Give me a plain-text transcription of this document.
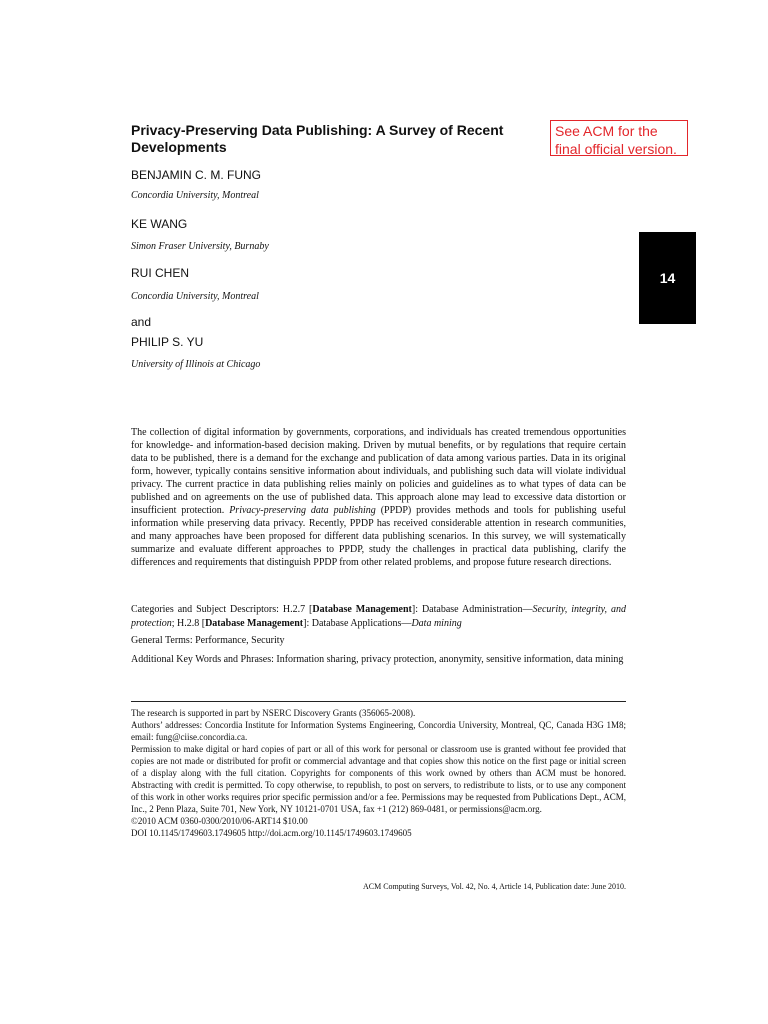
Privacy-Preserving Data Publishing: A Survey of Recent Developments
See ACM for the final official version.
14
BENJAMIN C. M. FUNG
Concordia University, Montreal
KE WANG
Simon Fraser University, Burnaby
RUI CHEN
Concordia University, Montreal
and
PHILIP S. YU
University of Illinois at Chicago
The collection of digital information by governments, corporations, and individuals has created tremendous opportunities for knowledge- and information-based decision making. Driven by mutual benefits, or by regulations that require certain data to be published, there is a demand for the exchange and publication of data among various parties. Data in its original form, however, typically contains sensitive information about individuals, and publishing such data will violate individual privacy. The current practice in data publishing relies mainly on policies and guidelines as to what types of data can be published and on agreements on the use of published data. This approach alone may lead to excessive data distortion or insufficient protection. Privacy-preserving data publishing (PPDP) provides methods and tools for publishing useful information while preserving data privacy. Recently, PPDP has received considerable attention in research communities, and many approaches have been proposed for different data publishing scenarios. In this survey, we will systematically summarize and evaluate different approaches to PPDP, study the challenges in practical data publishing, clarify the differences and requirements that distinguish PPDP from other related problems, and propose future research directions.
Categories and Subject Descriptors: H.2.7 [Database Management]: Database Administration—Security, integrity, and protection; H.2.8 [Database Management]: Database Applications—Data mining
General Terms: Performance, Security
Additional Key Words and Phrases: Information sharing, privacy protection, anonymity, sensitive information, data mining
The research is supported in part by NSERC Discovery Grants (356065-2008).
Authors’ addresses: Concordia Institute for Information Systems Engineering, Concordia University, Montreal, QC, Canada H3G 1M8; email: fung@ciise.concordia.ca.
Permission to make digital or hard copies of part or all of this work for personal or classroom use is granted without fee provided that copies are not made or distributed for profit or commercial advantage and that copies show this notice on the first page or initial screen of a display along with the full citation. Copyrights for components of this work owned by others than ACM must be honored. Abstracting with credit is permitted. To copy otherwise, to republish, to post on servers, to redistribute to lists, or to use any component of this work in other works requires prior specific permission and/or a fee. Permissions may be requested from Publications Dept., ACM, Inc., 2 Penn Plaza, Suite 701, New York, NY 10121-0701 USA, fax +1 (212) 869-0481, or permissions@acm.org.
©2010 ACM 0360-0300/2010/06-ART14 $10.00
DOI 10.1145/1749603.1749605 http://doi.acm.org/10.1145/1749603.1749605
ACM Computing Surveys, Vol. 42, No. 4, Article 14, Publication date: June 2010.
